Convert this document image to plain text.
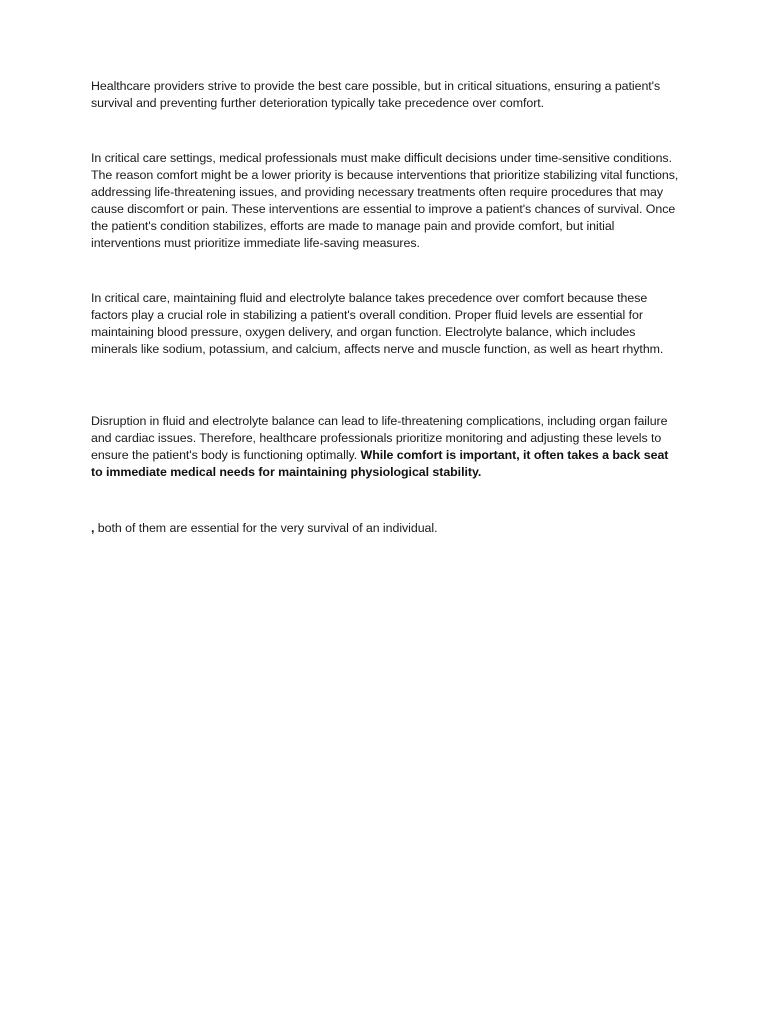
Healthcare providers strive to provide the best care possible, but in critical situations, ensuring a patient's survival and preventing further deterioration typically take precedence over comfort.

In critical care settings, medical professionals must make difficult decisions under time-sensitive conditions. The reason comfort might be a lower priority is because interventions that prioritize stabilizing vital functions, addressing life-threatening issues, and providing necessary treatments often require procedures that may cause discomfort or pain. These interventions are essential to improve a patient's chances of survival. Once the patient's condition stabilizes, efforts are made to manage pain and provide comfort, but initial interventions must prioritize immediate life-saving measures.

In critical care, maintaining fluid and electrolyte balance takes precedence over comfort because these factors play a crucial role in stabilizing a patient's overall condition. Proper fluid levels are essential for maintaining blood pressure, oxygen delivery, and organ function. Electrolyte balance, which includes minerals like sodium, potassium, and calcium, affects nerve and muscle function, as well as heart rhythm.

Disruption in fluid and electrolyte balance can lead to life-threatening complications, including organ failure and cardiac issues. Therefore, healthcare professionals prioritize monitoring and adjusting these levels to ensure the patient's body is functioning optimally. While comfort is important, it often takes a back seat to immediate medical needs for maintaining physiological stability.

, both of them are essential for the very survival of an individual.
